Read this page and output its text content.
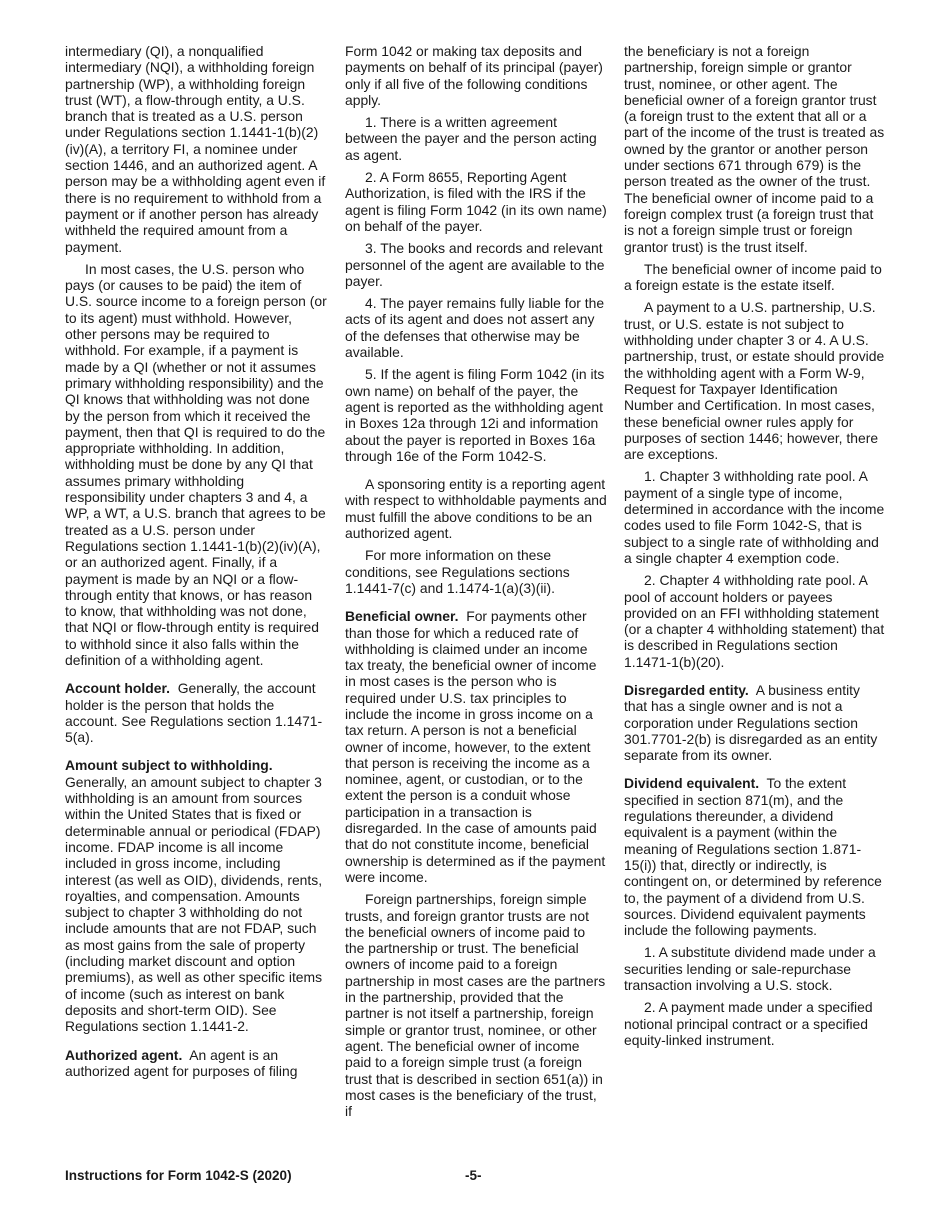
intermediary (QI), a nonqualified intermediary (NQI), a withholding foreign partnership (WP), a withholding foreign trust (WT), a flow-through entity, a U.S. branch that is treated as a U.S. person under Regulations section 1.1441-1(b)(2)(iv)(A), a territory FI, a nominee under section 1446, and an authorized agent. A person may be a withholding agent even if there is no requirement to withhold from a payment or if another person has already withheld the required amount from a payment.

In most cases, the U.S. person who pays (or causes to be paid) the item of U.S. source income to a foreign person (or to its agent) must withhold. However, other persons may be required to withhold. For example, if a payment is made by a QI (whether or not it assumes primary withholding responsibility) and the QI knows that withholding was not done by the person from which it received the payment, then that QI is required to do the appropriate withholding. In addition, withholding must be done by any QI that assumes primary withholding responsibility under chapters 3 and 4, a WP, a WT, a U.S. branch that agrees to be treated as a U.S. person under Regulations section 1.1441-1(b)(2)(iv)(A), or an authorized agent. Finally, if a payment is made by an NQI or a flow-through entity that knows, or has reason to know, that withholding was not done, that NQI or flow-through entity is required to withhold since it also falls within the definition of a withholding agent.

Account holder. Generally, the account holder is the person that holds the account. See Regulations section 1.1471-5(a).

Amount subject to withholding. Generally, an amount subject to chapter 3 withholding is an amount from sources within the United States that is fixed or determinable annual or periodical (FDAP) income. FDAP income is all income included in gross income, including interest (as well as OID), dividends, rents, royalties, and compensation. Amounts subject to chapter 3 withholding do not include amounts that are not FDAP, such as most gains from the sale of property (including market discount and option premiums), as well as other specific items of income (such as interest on bank deposits and short-term OID). See Regulations section 1.1441-2.

Authorized agent. An agent is an authorized agent for purposes of filing

Form 1042 or making tax deposits and payments on behalf of its principal (payer) only if all five of the following conditions apply.

1. There is a written agreement between the payer and the person acting as agent.

2. A Form 8655, Reporting Agent Authorization, is filed with the IRS if the agent is filing Form 1042 (in its own name) on behalf of the payer.

3. The books and records and relevant personnel of the agent are available to the payer.

4. The payer remains fully liable for the acts of its agent and does not assert any of the defenses that otherwise may be available.

5. If the agent is filing Form 1042 (in its own name) on behalf of the payer, the agent is reported as the withholding agent in Boxes 12a through 12i and information about the payer is reported in Boxes 16a through 16e of the Form 1042-S.

A sponsoring entity is a reporting agent with respect to withholdable payments and must fulfill the above conditions to be an authorized agent.

For more information on these conditions, see Regulations sections 1.1441-7(c) and 1.1474-1(a)(3)(ii).

Beneficial owner. For payments other than those for which a reduced rate of withholding is claimed under an income tax treaty, the beneficial owner of income in most cases is the person who is required under U.S. tax principles to include the income in gross income on a tax return. A person is not a beneficial owner of income, however, to the extent that person is receiving the income as a nominee, agent, or custodian, or to the extent the person is a conduit whose participation in a transaction is disregarded. In the case of amounts paid that do not constitute income, beneficial ownership is determined as if the payment were income.

Foreign partnerships, foreign simple trusts, and foreign grantor trusts are not the beneficial owners of income paid to the partnership or trust. The beneficial owners of income paid to a foreign partnership in most cases are the partners in the partnership, provided that the partner is not itself a partnership, foreign simple or grantor trust, nominee, or other agent. The beneficial owner of income paid to a foreign simple trust (a foreign trust that is described in section 651(a)) in most cases is the beneficiary of the trust, if

the beneficiary is not a foreign partnership, foreign simple or grantor trust, nominee, or other agent. The beneficial owner of a foreign grantor trust (a foreign trust to the extent that all or a part of the income of the trust is treated as owned by the grantor or another person under sections 671 through 679) is the person treated as the owner of the trust. The beneficial owner of income paid to a foreign complex trust (a foreign trust that is not a foreign simple trust or foreign grantor trust) is the trust itself.

The beneficial owner of income paid to a foreign estate is the estate itself.

A payment to a U.S. partnership, U.S. trust, or U.S. estate is not subject to withholding under chapter 3 or 4. A U.S. partnership, trust, or estate should provide the withholding agent with a Form W-9, Request for Taxpayer Identification Number and Certification. In most cases, these beneficial owner rules apply for purposes of section 1446; however, there are exceptions.

1. Chapter 3 withholding rate pool. A payment of a single type of income, determined in accordance with the income codes used to file Form 1042-S, that is subject to a single rate of withholding and a single chapter 4 exemption code.

2. Chapter 4 withholding rate pool. A pool of account holders or payees provided on an FFI withholding statement (or a chapter 4 withholding statement) that is described in Regulations section 1.1471-1(b)(20).

Disregarded entity. A business entity that has a single owner and is not a corporation under Regulations section 301.7701-2(b) is disregarded as an entity separate from its owner.

Dividend equivalent. To the extent specified in section 871(m), and the regulations thereunder, a dividend equivalent is a payment (within the meaning of Regulations section 1.871-15(i)) that, directly or indirectly, is contingent on, or determined by reference to, the payment of a dividend from U.S. sources. Dividend equivalent payments include the following payments.

1. A substitute dividend made under a securities lending or sale-repurchase transaction involving a U.S. stock.

2. A payment made under a specified notional principal contract or a specified equity-linked instrument.

Instructions for Form 1042-S (2020)	-5-
